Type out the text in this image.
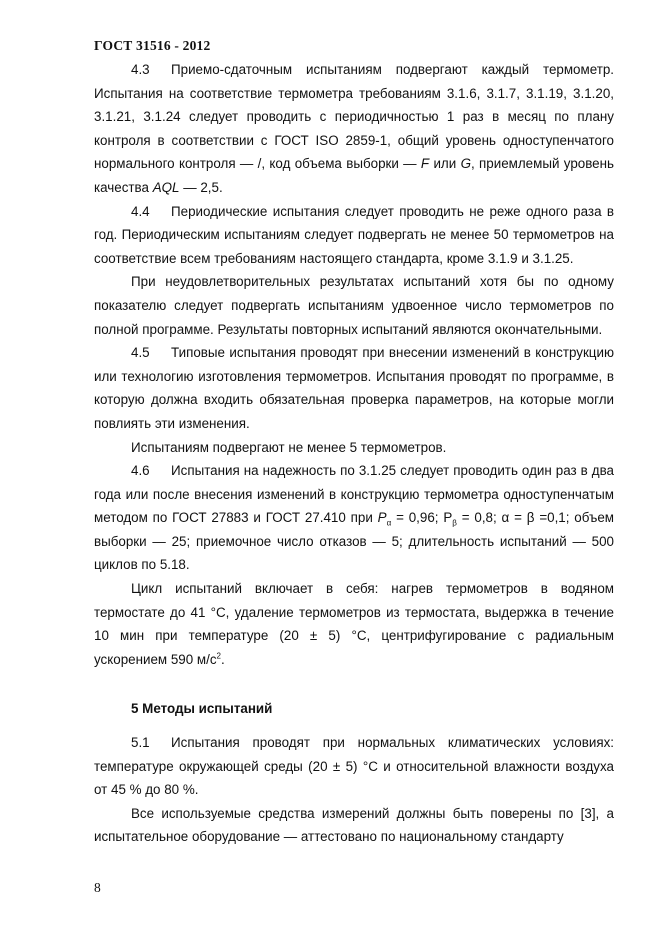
ГОСТ 31516 - 2012

4.3 Приемо-сдаточным испытаниям подвергают каждый термометр. Испытания на соответствие термометра требованиям 3.1.6, 3.1.7, 3.1.19, 3.1.20, 3.1.21, 3.1.24 следует проводить с периодичностью 1 раз в месяц по плану контроля в соответствии с ГОСТ ISO 2859-1, общий уровень одноступенчатого нормального контроля — /, код объема выборки — F или G, приемлемый уровень качества AQL — 2,5.

4.4 Периодические испытания следует проводить не реже одного раза в год. Периодическим испытаниям следует подвергать не менее 50 термометров на соответствие всем требованиям настоящего стандарта, кроме 3.1.9 и 3.1.25.

При неудовлетворительных результатах испытаний хотя бы по одному показателю следует подвергать испытаниям удвоенное число термометров по полной программе. Результаты повторных испытаний являются окончательными.

4.5 Типовые испытания проводят при внесении изменений в конструкцию или технологию изготовления термометров. Испытания проводят по программе, в которую должна входить обязательная проверка параметров, на которые могли повлиять эти изменения.

Испытаниям подвергают не менее 5 термометров.

4.6 Испытания на надежность по 3.1.25 следует проводить один раз в два года или после внесения изменений в конструкцию термометра одноступенчатым методом по ГОСТ 27883 и ГОСТ 27.410 при $P_\alpha = 0,96$; $P_\beta = 0,8$; α = β =0,1; объем выборки — 25; приемочное число отказов — 5; длительность испытаний — 500 циклов по 5.18.

Цикл испытаний включает в себя: нагрев термометров в водяном термостате до 41 °С, удаление термометров из термостата, выдержка в течение 10 мин при температуре (20 ± 5) °С, центрифугирование с радиальным ускорением 590 $м/с^2$.

5 Методы испытаний

5.1 Испытания проводят при нормальных климатических условиях: температуре окружающей среды (20 ± 5) °С и относительной влажности воздуха от 45 % до 80 %.

Все используемые средства измерений должны быть поверены по [3], а испытательное оборудование — аттестовано по национальному стандарту

8
